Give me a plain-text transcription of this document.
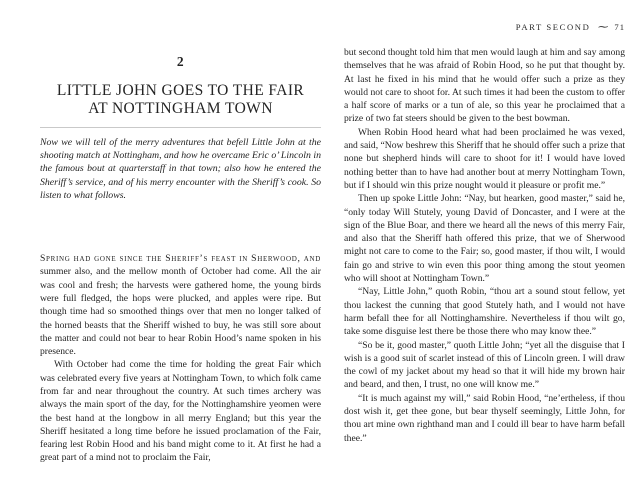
2
LITTLE JOHN GOES TO THE FAIR
AT NOTTINGHAM TOWN

Now we will tell of the merry adventures that befell Little John at the shooting match at Nottingham, and how he overcame Eric o’ Lincoln in the famous bout at quarterstaff in that town; also how he entered the Sheriff’s service, and of his merry encounter with the Sheriff’s cook. So listen to what follows.

Spring had gone since the Sheriff’s feast in Sherwood, and summer also, and the mellow month of October had come. All the air was cool and fresh; the harvests were gathered home, the young birds were full fledged, the hops were plucked, and apples were ripe. But though time had so smoothed things over that men no longer talked of the horned beasts that the Sheriff wished to buy, he was still sore about the matter and could not bear to hear Robin Hood’s name spoken in his presence.

With October had come the time for holding the great Fair which was celebrated every five years at Nottingham Town, to which folk came from far and near throughout the country. At such times archery was always the main sport of the day, for the Nottinghamshire yeomen were the best hand at the longbow in all merry England; but this year the Sheriff hesitated a long time before he issued proclamation of the Fair, fearing lest Robin Hood and his band might come to it. At first he had a great part of a mind not to proclaim the Fair,

PART SECOND ⁓ 71

but second thought told him that men would laugh at him and say among themselves that he was afraid of Robin Hood, so he put that thought by. At last he fixed in his mind that he would offer such a prize as they would not care to shoot for. At such times it had been the custom to offer a half score of marks or a tun of ale, so this year he proclaimed that a prize of two fat steers should be given to the best bowman.

When Robin Hood heard what had been proclaimed he was vexed, and said, “Now beshrew this Sheriff that he should offer such a prize that none but shepherd hinds will care to shoot for it! I would have loved nothing better than to have had another bout at merry Nottingham Town, but if I should win this prize nought would it pleasure or profit me.”

Then up spoke Little John: “Nay, but hearken, good master,” said he, “only today Will Stutely, young David of Doncaster, and I were at the sign of the Blue Boar, and there we heard all the news of this merry Fair, and also that the Sheriff hath offered this prize, that we of Sherwood might not care to come to the Fair; so, good master, if thou wilt, I would fain go and strive to win even this poor thing among the stout yeomen who will shoot at Nottingham Town.”

“Nay, Little John,” quoth Robin, “thou art a sound stout fellow, yet thou lackest the cunning that good Stutely hath, and I would not have harm befall thee for all Nottinghamshire. Nevertheless if thou wilt go, take some disguise lest there be those there who may know thee.”

“So be it, good master,” quoth Little John; “yet all the disguise that I wish is a good suit of scarlet instead of this of Lincoln green. I will draw the cowl of my jacket about my head so that it will hide my brown hair and beard, and then, I trust, no one will know me.”

“It is much against my will,” said Robin Hood, “ne’ertheless, if thou dost wish it, get thee gone, but bear thyself seemingly, Little John, for thou art mine own righthand man and I could ill bear to have harm befall thee.”
